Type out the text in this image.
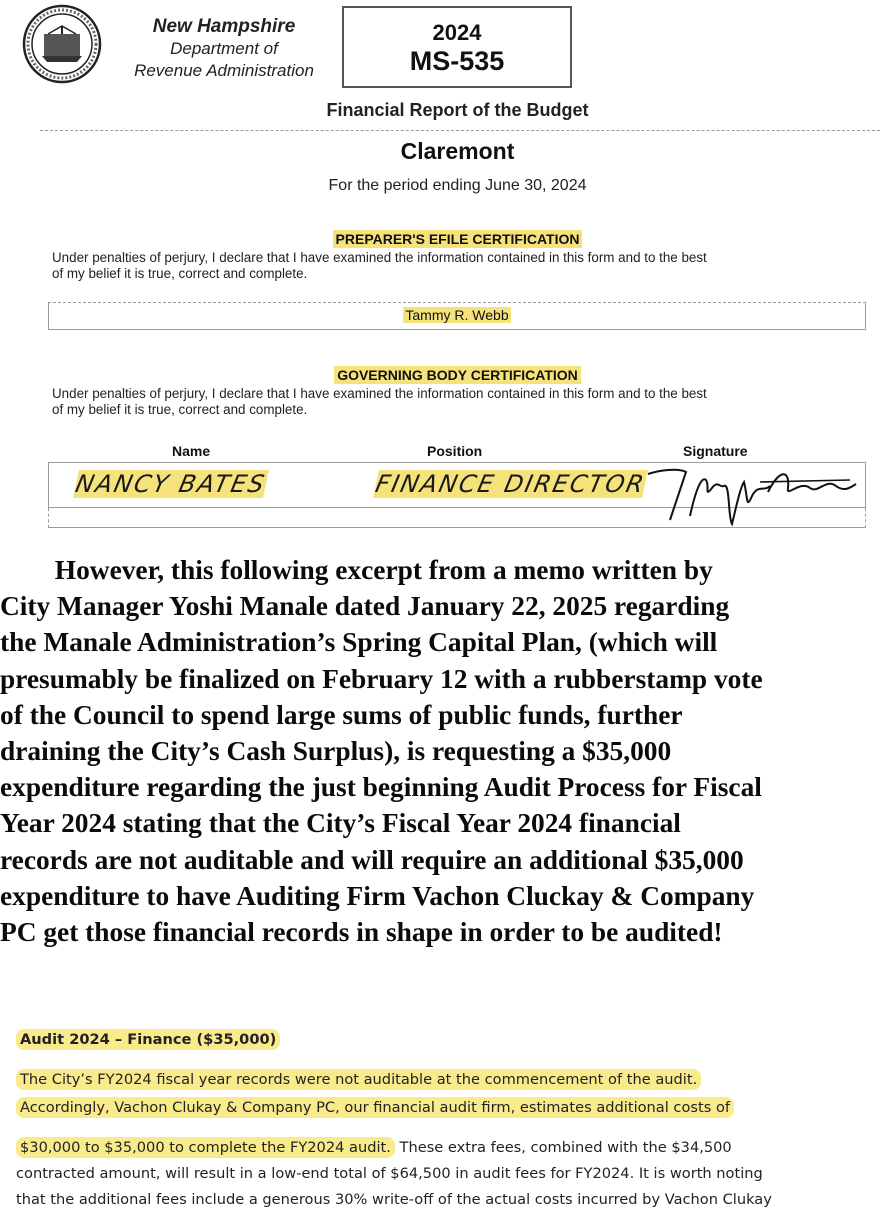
New Hampshire
Department of
Revenue Administration
2024
MS-535
Financial Report of the Budget
Claremont
For the period ending June 30, 2024
PREPARER'S EFILE CERTIFICATION
Under penalties of perjury, I declare that I have examined the information contained in this form and to the best
of my belief it is true, correct and complete.
Tammy R. Webb
GOVERNING BODY CERTIFICATION
Under penalties of perjury, I declare that I have examined the information contained in this form and to the best
of my belief it is true, correct and complete.
Name	Position	Signature
NANCY BATES	FINANCE DIRECTOR
However, this following excerpt from a memo written by
City Manager Yoshi Manale dated January 22, 2025 regarding
the Manale Administration’s Spring Capital Plan, (which will
presumably be finalized on February 12 with a rubberstamp vote
of the Council to spend large sums of public funds, further
draining the City’s Cash Surplus), is requesting a $35,000
expenditure regarding the just beginning Audit Process for Fiscal
Year 2024 stating that the City’s Fiscal Year 2024 financial
records are not auditable and will require an additional $35,000
expenditure to have Auditing Firm Vachon Cluckay & Company
PC get those financial records in shape in order to be audited!
Audit 2024 – Finance ($35,000)
The City’s FY2024 fiscal year records were not auditable at the commencement of the audit.
Accordingly, Vachon Clukay & Company PC, our financial audit firm, estimates additional costs of
$30,000 to $35,000 to complete the FY2024 audit. These extra fees, combined with the $34,500
contracted amount, will result in a low-end total of $64,500 in audit fees for FY2024. It is worth noting
that the additional fees include a generous 30% write-off of the actual costs incurred by Vachon Clukay
